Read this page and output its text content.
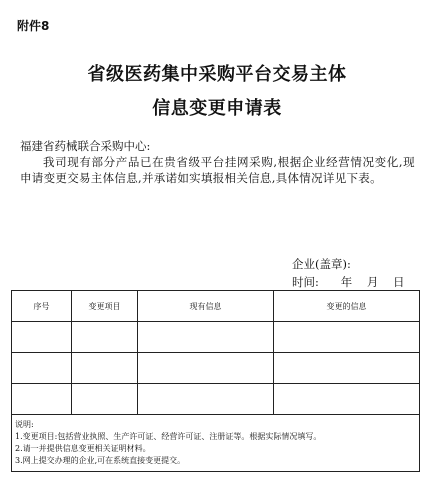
附件8
省级医药集中采购平台交易主体
信息变更申请表
福建省药械联合采购中心:
我司现有部分产品已在贵省级平台挂网采购,根据企业经营情况变化,现申请变更交易主体信息,并承诺如实填报相关信息,具体情况详见下表。
企业(盖章):
时间:      年    月    日
序号	变更项目	现有信息	变更的信息

说明:
1.变更项目:包括营业执照、生产许可证、经营许可证、注册证等。根据实际情况填写。
2.请一并提供信息变更相关证明材料。
3.网上提交办理的企业,可在系统直接变更提交。			
